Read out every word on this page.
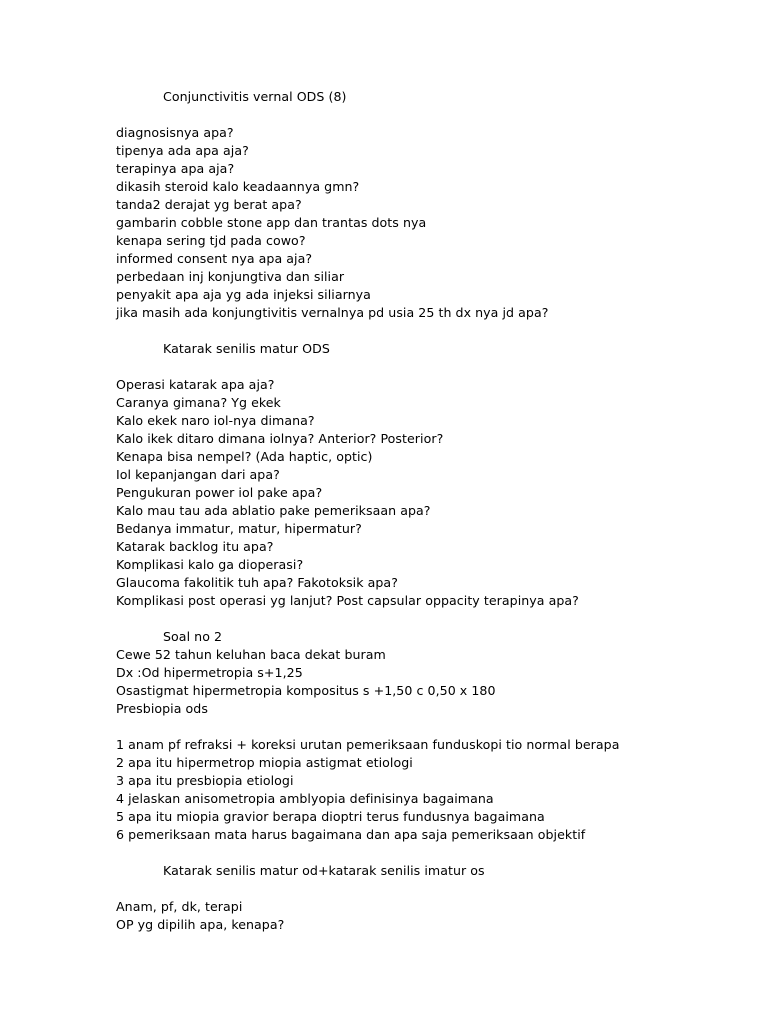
Conjunctivitis vernal ODS (8)
diagnosisnya apa?
tipenya ada apa aja?
terapinya apa aja?
dikasih steroid kalo keadaannya gmn?
tanda2 derajat yg berat apa?
gambarin cobble stone app dan trantas dots nya
kenapa sering tjd pada cowo?
informed consent nya apa aja?
perbedaan inj konjungtiva dan siliar
penyakit apa aja yg ada injeksi siliarnya
jika masih ada konjungtivitis vernalnya pd usia 25 th dx nya jd apa?
Katarak senilis matur ODS
Operasi katarak apa aja?
Caranya gimana? Yg ekek
Kalo ekek naro iol-nya dimana?
Kalo ikek ditaro dimana iolnya? Anterior? Posterior?
Kenapa bisa nempel? (Ada haptic, optic)
Iol kepanjangan dari apa?
Pengukuran power iol pake apa?
Kalo mau tau ada ablatio pake pemeriksaan apa?
Bedanya immatur, matur, hipermatur?
Katarak backlog itu apa?
Komplikasi kalo ga dioperasi?
Glaucoma fakolitik tuh apa? Fakotoksik apa?
Komplikasi post operasi yg lanjut? Post capsular oppacity terapinya apa?
Soal no 2
Cewe 52 tahun keluhan baca dekat buram
Dx :Od hipermetropia s+1,25
Osastigmat hipermetropia kompositus s +1,50 c 0,50 x 180
Presbiopia ods
1 anam pf refraksi + koreksi urutan pemeriksaan funduskopi tio normal berapa
2 apa itu hipermetrop miopia astigmat etiologi
3 apa itu presbiopia etiologi
4 jelaskan anisometropia amblyopia definisinya bagaimana
5 apa itu miopia gravior berapa dioptri terus fundusnya bagaimana
6 pemeriksaan mata harus bagaimana dan apa saja pemeriksaan objektif
Katarak senilis matur od+katarak senilis imatur os
Anam, pf, dk, terapi
OP yg dipilih apa, kenapa?
